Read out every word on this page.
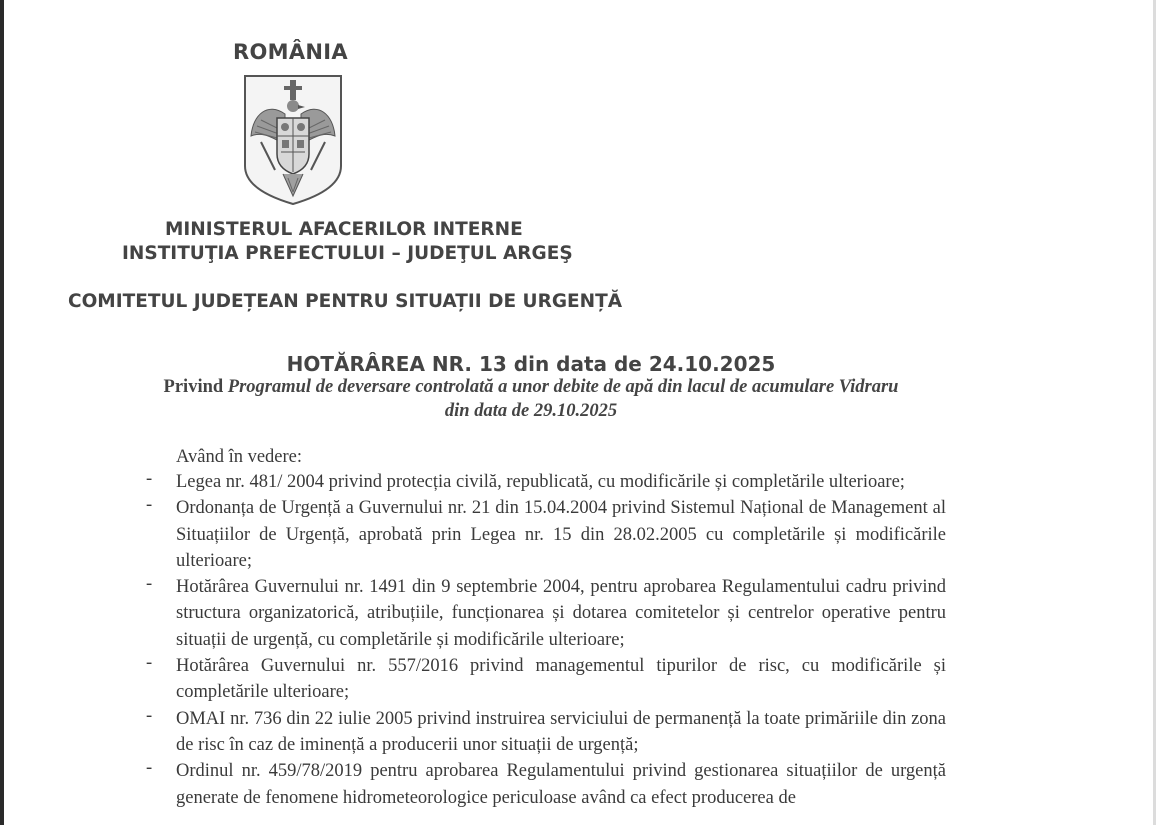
ROMÂNIA
MINISTERUL AFACERILOR INTERNE
INSTITUŢIA PREFECTULUI – JUDEŢUL ARGEŞ
COMITETUL JUDEȚEAN PENTRU SITUAȚII DE URGENȚĂ
HOTĂRÂREA NR. 13 din data de 24.10.2025
Privind Programul de deversare controlată a unor debite de apă din lacul de acumulare Vidraru
din data de 29.10.2025
Având în vedere:
- Legea nr. 481/ 2004 privind protecția civilă, republicată, cu modificările și completările ulterioare;
- Ordonanța de Urgență a Guvernului nr. 21 din 15.04.2004 privind Sistemul Național de Management al Situațiilor de Urgență, aprobată prin Legea nr. 15 din 28.02.2005 cu completările și modificările ulterioare;
- Hotărârea Guvernului nr. 1491 din 9 septembrie 2004, pentru aprobarea Regulamentului cadru privind structura organizatorică, atribuțiile, funcționarea și dotarea comitetelor și centrelor operative pentru situații de urgență, cu completările și modificările ulterioare;
- Hotărârea Guvernului nr. 557/2016 privind managementul tipurilor de risc, cu modificările și completările ulterioare;
- OMAI nr. 736 din 22 iulie 2005 privind instruirea serviciului de permanență la toate primăriile din zona de risc în caz de iminență a producerii unor situații de urgență;
- Ordinul nr. 459/78/2019 pentru aprobarea Regulamentului privind gestionarea situațiilor de urgență generate de fenomene hidrometeorologice periculoase având ca efect producerea de
